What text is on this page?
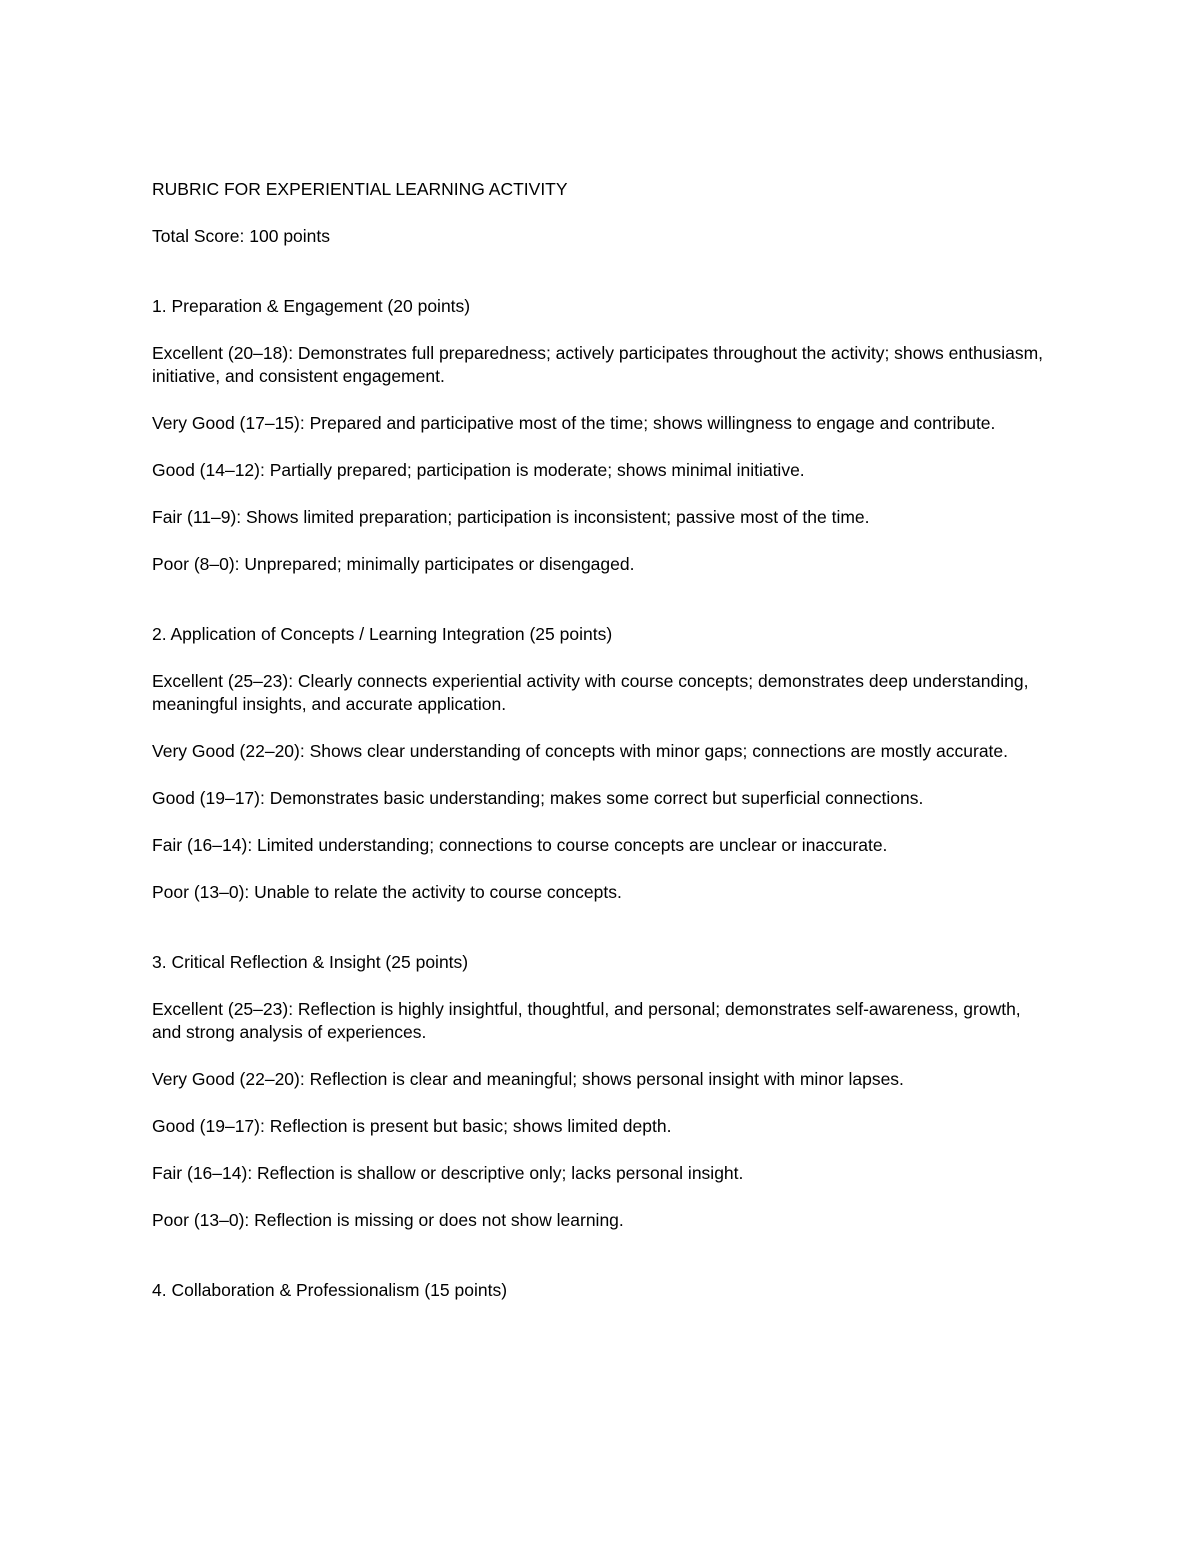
RUBRIC FOR EXPERIENTIAL LEARNING ACTIVITY

Total Score: 100 points

1. Preparation & Engagement (20 points)

Excellent (20–18): Demonstrates full preparedness; actively participates throughout the activity; shows enthusiasm, initiative, and consistent engagement.

Very Good (17–15): Prepared and participative most of the time; shows willingness to engage and contribute.

Good (14–12): Partially prepared; participation is moderate; shows minimal initiative.

Fair (11–9): Shows limited preparation; participation is inconsistent; passive most of the time.

Poor (8–0): Unprepared; minimally participates or disengaged.

2. Application of Concepts / Learning Integration (25 points)

Excellent (25–23): Clearly connects experiential activity with course concepts; demonstrates deep understanding, meaningful insights, and accurate application.

Very Good (22–20): Shows clear understanding of concepts with minor gaps; connections are mostly accurate.

Good (19–17): Demonstrates basic understanding; makes some correct but superficial connections.

Fair (16–14): Limited understanding; connections to course concepts are unclear or inaccurate.

Poor (13–0): Unable to relate the activity to course concepts.

3. Critical Reflection & Insight (25 points)

Excellent (25–23): Reflection is highly insightful, thoughtful, and personal; demonstrates self-awareness, growth, and strong analysis of experiences.

Very Good (22–20): Reflection is clear and meaningful; shows personal insight with minor lapses.

Good (19–17): Reflection is present but basic; shows limited depth.

Fair (16–14): Reflection is shallow or descriptive only; lacks personal insight.

Poor (13–0): Reflection is missing or does not show learning.

4. Collaboration & Professionalism (15 points)
